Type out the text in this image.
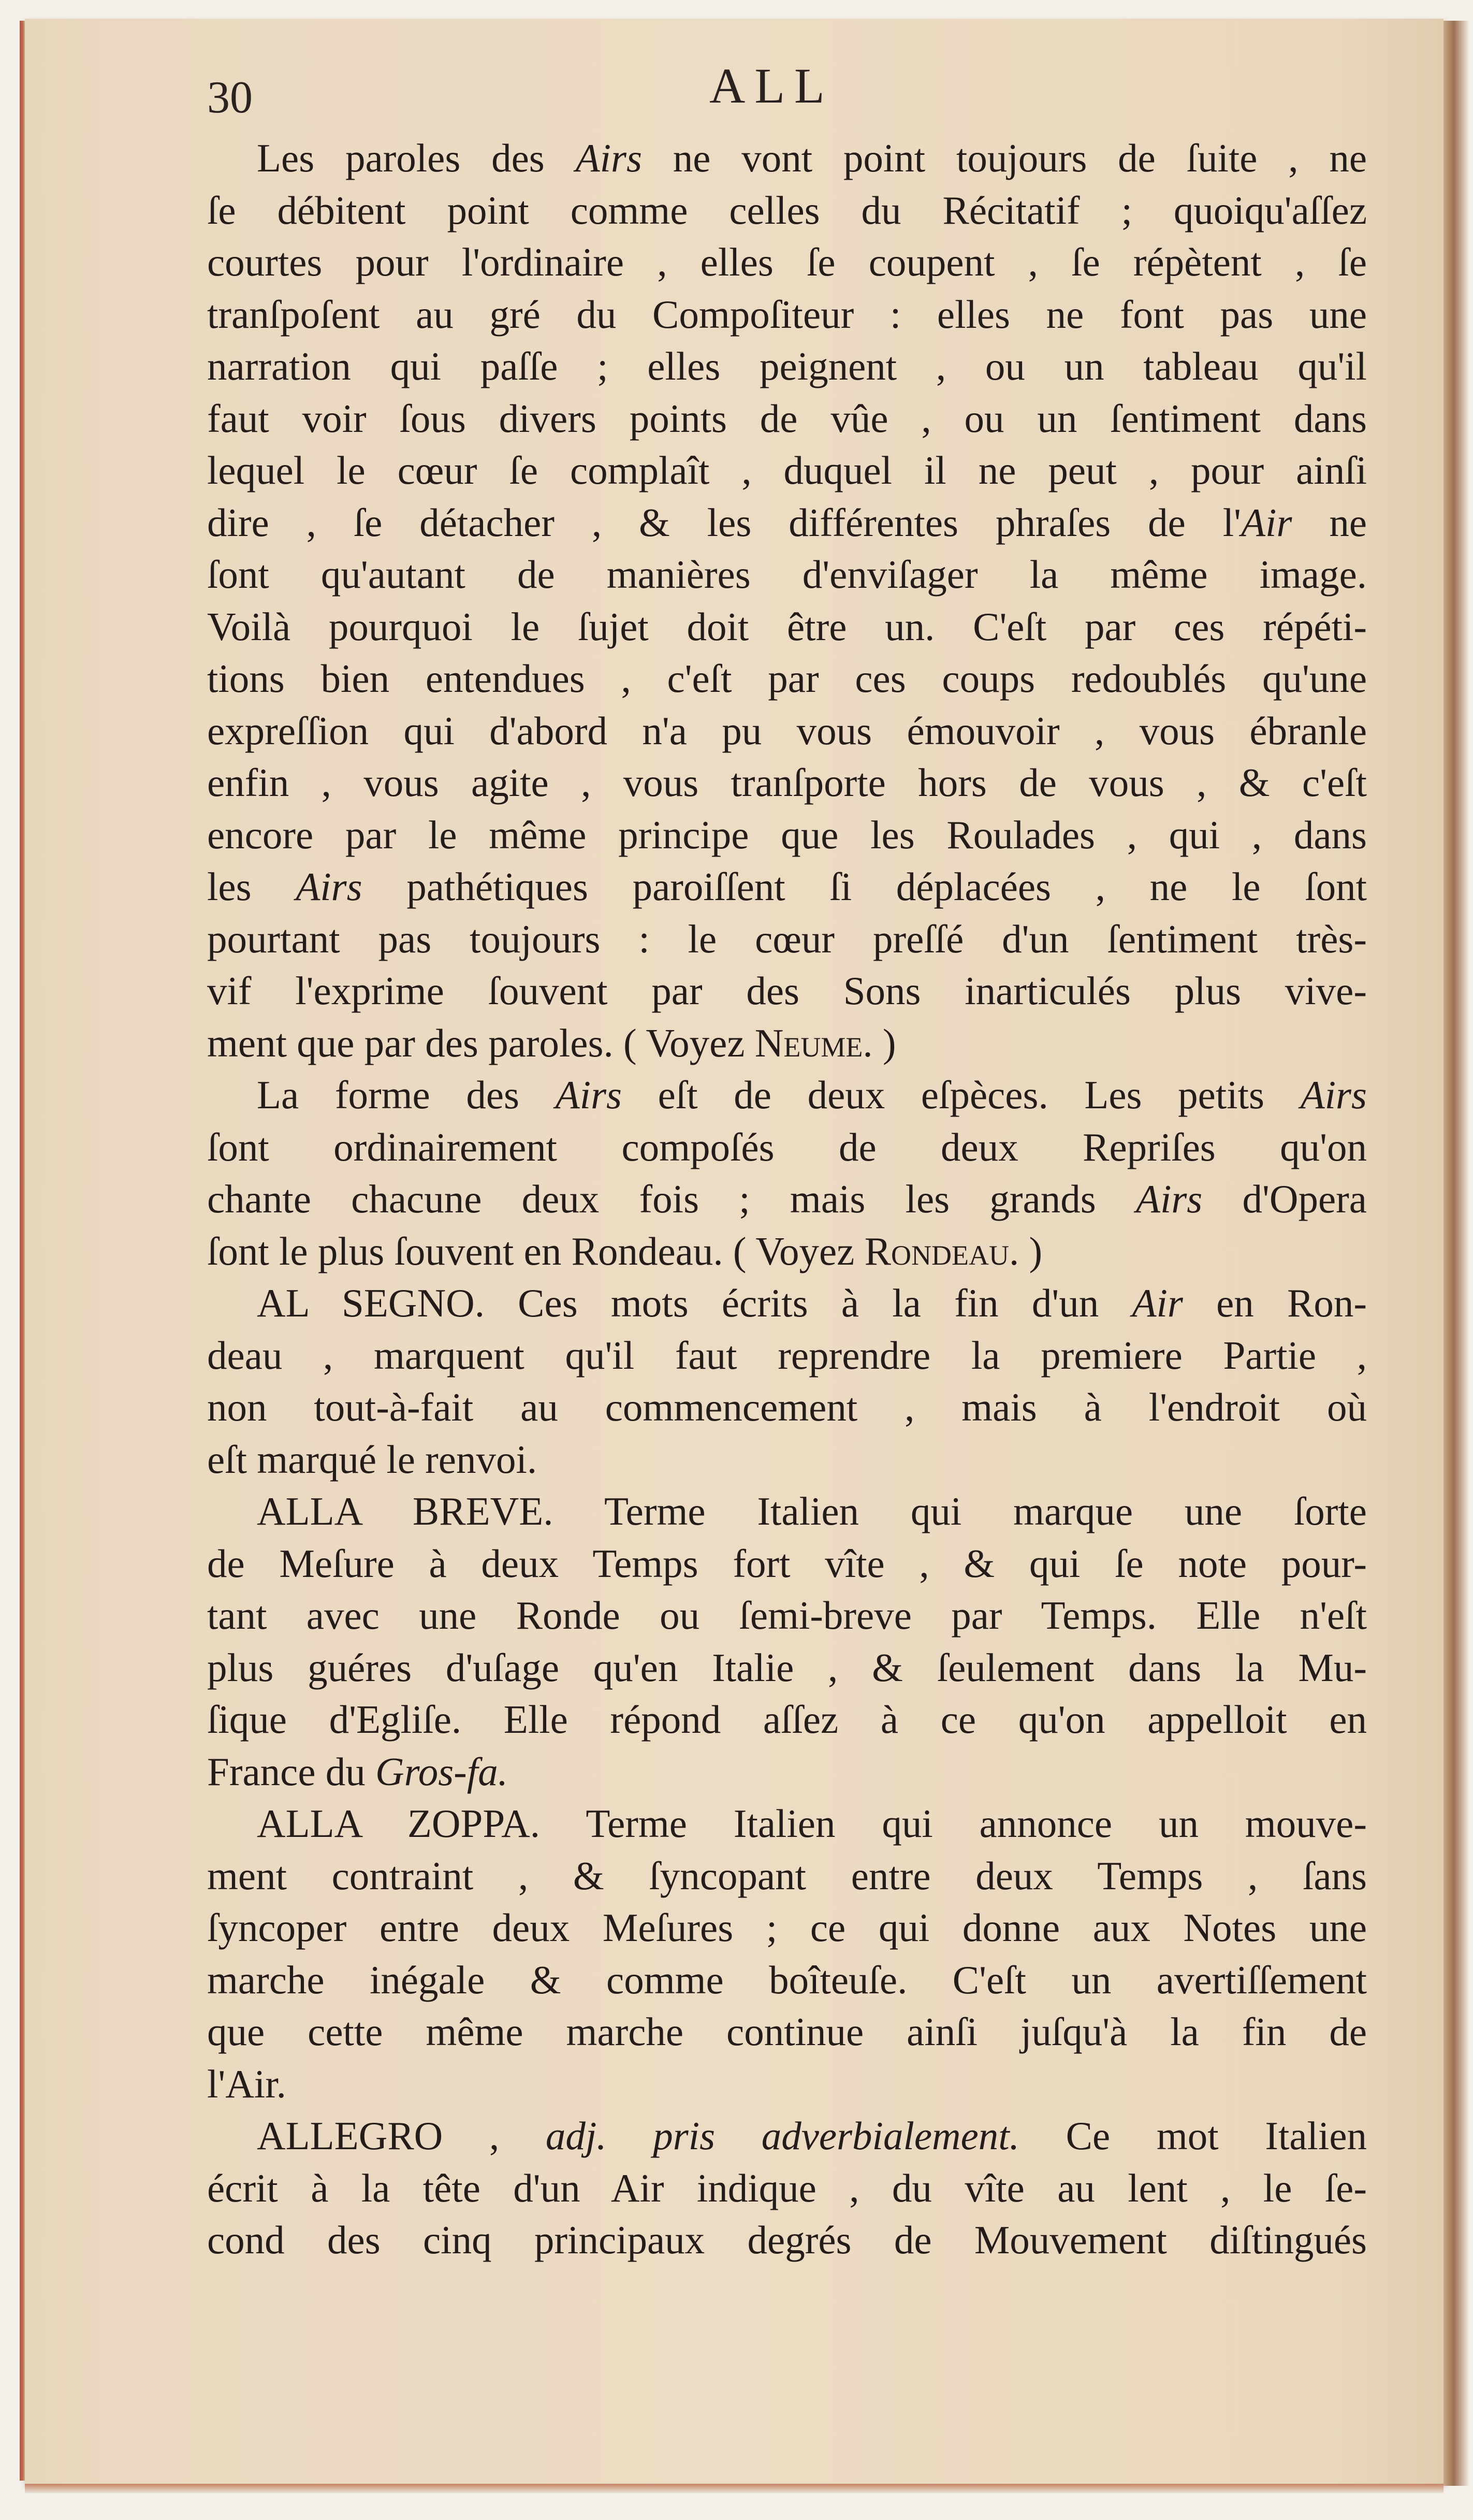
30	ALL
Les paroles des Airs ne vont point toujours de ſuite , ne
ſe débitent point comme celles du Récitatif ; quoiqu'aſſez
courtes pour l'ordinaire , elles ſe coupent , ſe répètent , ſe
tranſpoſent au gré du Compoſiteur : elles ne font pas une
narration qui paſſe ; elles peignent , ou un tableau qu'il
faut voir ſous divers points de vûe , ou un ſentiment dans
lequel le cœur ſe complaît , duquel il ne peut , pour ainſi
dire , ſe détacher , & les différentes phraſes de l'Air ne
ſont qu'autant de manières d'enviſager la même image.
Voilà pourquoi le ſujet doit être un. C'eſt par ces répéti-
tions bien entendues , c'eſt par ces coups redoublés qu'une
expreſſion qui d'abord n'a pu vous émouvoir , vous ébranle
enfin , vous agite , vous tranſporte hors de vous , & c'eſt
encore par le même principe que les Roulades , qui , dans
les Airs pathétiques paroiſſent ſi déplacées , ne le ſont
pourtant pas toujours : le cœur preſſé d'un ſentiment très-
vif l'exprime ſouvent par des Sons inarticulés plus vive-
ment que par des paroles. ( Voyez Neume. )
La forme des Airs eſt de deux eſpèces. Les petits Airs
ſont ordinairement compoſés de deux Repriſes qu'on
chante chacune deux fois ; mais les grands Airs d'Opera
ſont le plus ſouvent en Rondeau. ( Voyez Rondeau. )
AL SEGNO. Ces mots écrits à la fin d'un Air en Ron-
deau , marquent qu'il faut reprendre la premiere Partie ,
non tout-à-fait au commencement , mais à l'endroit où
eſt marqué le renvoi.
ALLA BREVE. Terme Italien qui marque une ſorte
de Meſure à deux Temps fort vîte , & qui ſe note pour-
tant avec une Ronde ou ſemi-breve par Temps. Elle n'eſt
plus guéres d'uſage qu'en Italie , & ſeulement dans la Mu-
ſique d'Egliſe. Elle répond aſſez à ce qu'on appelloit en
France du Gros-fa.
ALLA ZOPPA. Terme Italien qui annonce un mouve-
ment contraint , & ſyncopant entre deux Temps , ſans
ſyncoper entre deux Meſures ; ce qui donne aux Notes une
marche inégale & comme boîteuſe. C'eſt un avertiſſement
que cette même marche continue ainſi juſqu'à la fin de
l'Air.
ALLEGRO , adj. pris adverbialement. Ce mot Italien
écrit à la tête d'un Air indique , du vîte au lent , le ſe-
cond des cinq principaux degrés de Mouvement diſtingués
